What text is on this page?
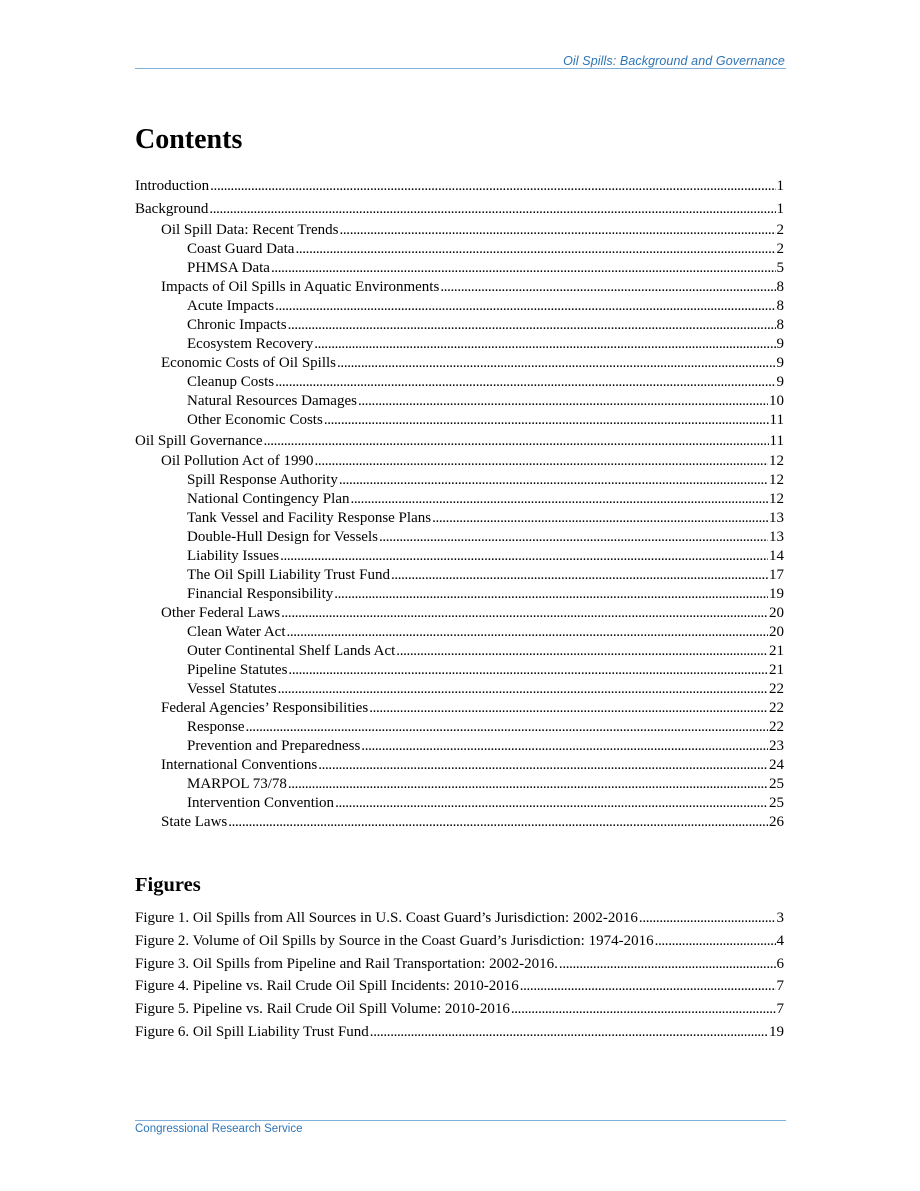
Oil Spills: Background and Governance
Contents
Introduction . . .	1
Background . . .	1
Oil Spill Data: Recent Trends . . .	2
Coast Guard Data . . .	2
PHMSA Data . . .	5
Impacts of Oil Spills in Aquatic Environments . . .	8
Acute Impacts . . .	8
Chronic Impacts . . .	8
Ecosystem Recovery . . .	9
Economic Costs of Oil Spills . . .	9
Cleanup Costs . . .	9
Natural Resources Damages . . .	10
Other Economic Costs . . .	11
Oil Spill Governance . . .	11
Oil Pollution Act of 1990 . . .	12
Spill Response Authority . . .	12
National Contingency Plan . . .	12
Tank Vessel and Facility Response Plans . . .	13
Double-Hull Design for Vessels . . .	13
Liability Issues . . .	14
The Oil Spill Liability Trust Fund . . .	17
Financial Responsibility . . .	19
Other Federal Laws . . .	20
Clean Water Act . . .	20
Outer Continental Shelf Lands Act . . .	21
Pipeline Statutes . . .	21
Vessel Statutes . . .	22
Federal Agencies’ Responsibilities . . .	22
Response . . .	22
Prevention and Preparedness . . .	23
International Conventions . . .	24
MARPOL 73/78 . . .	25
Intervention Convention . . .	25
State Laws . . .	26
Figures
Figure 1. Oil Spills from All Sources in U.S. Coast Guard’s Jurisdiction: 2002-2016 . . .	3
Figure 2. Volume of Oil Spills by Source in the Coast Guard’s Jurisdiction: 1974-2016 . . .	4
Figure 3. Oil Spills from Pipeline and Rail Transportation: 2002-2016. . . .	6
Figure 4. Pipeline vs. Rail Crude Oil Spill Incidents: 2010-2016 . . .	7
Figure 5. Pipeline vs. Rail Crude Oil Spill Volume: 2010-2016 . . .	7
Figure 6. Oil Spill Liability Trust Fund . . .	19
Congressional Research Service
